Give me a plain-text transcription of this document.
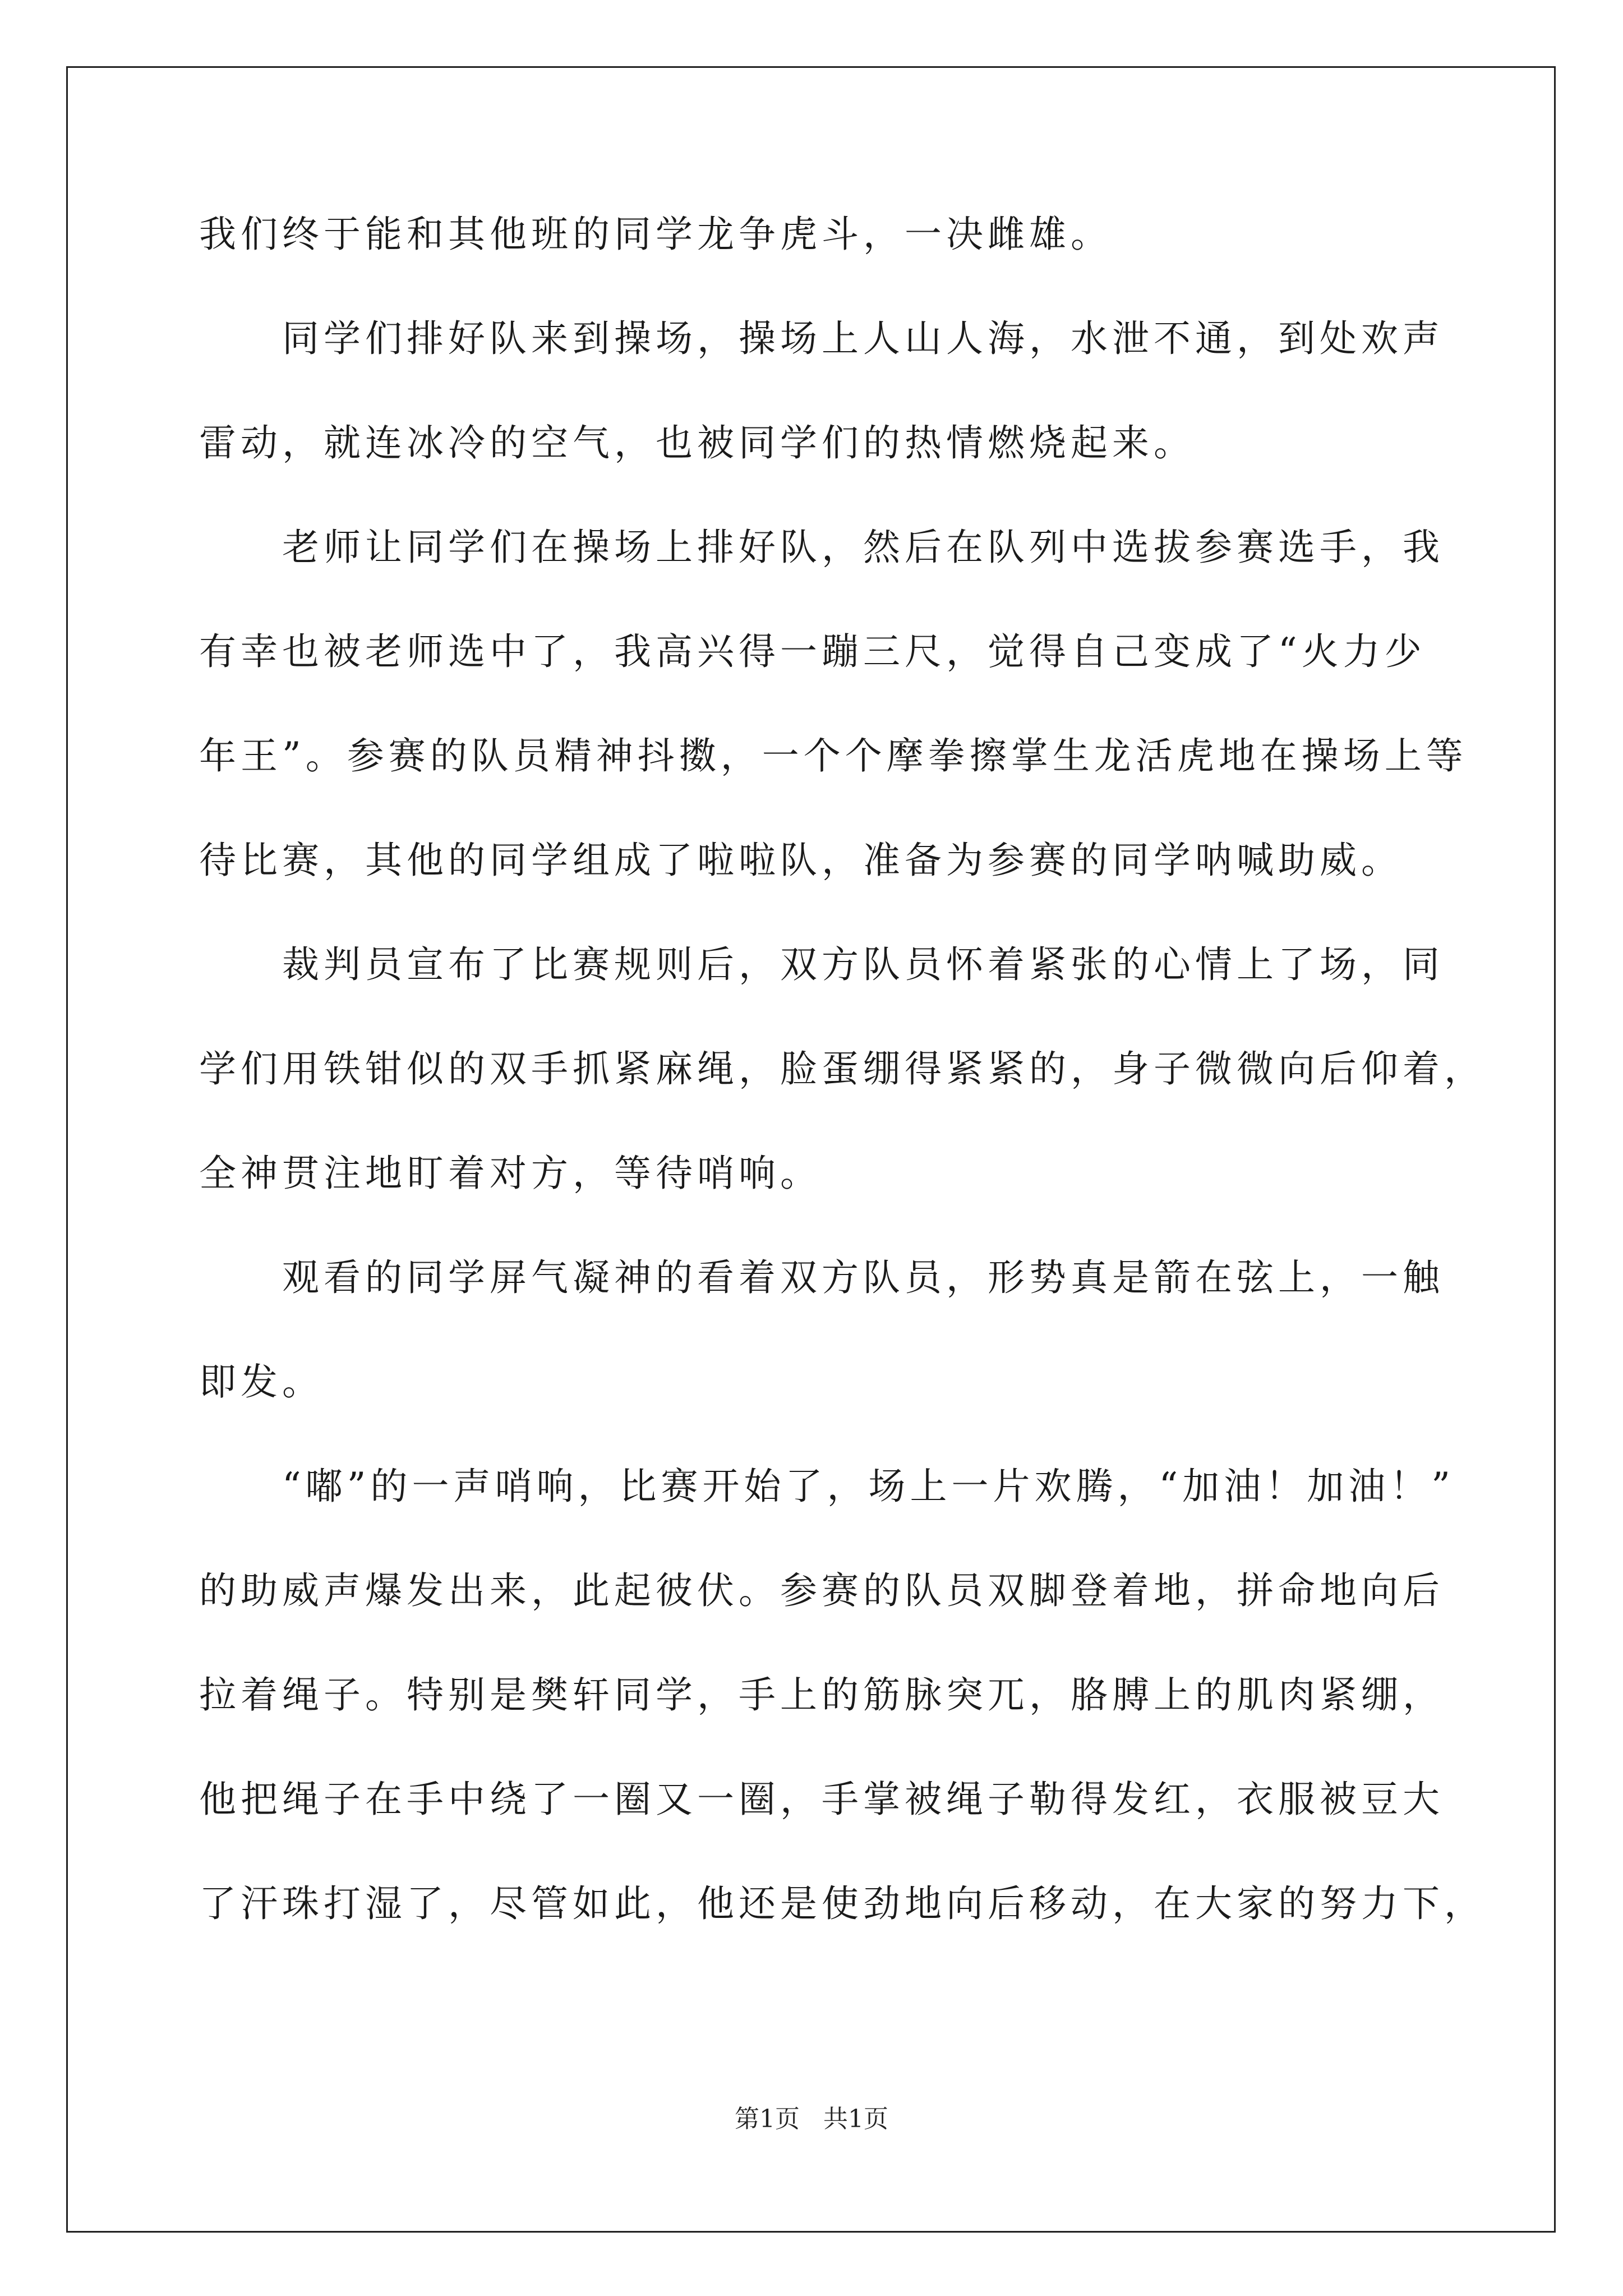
我们终于能和其他班的同学龙争虎斗，一决雌雄。
　　同学们排好队来到操场，操场上人山人海，水泄不通，到处欢声
雷动，就连冰冷的空气，也被同学们的热情燃烧起来。
　　老师让同学们在操场上排好队，然后在队列中选拔参赛选手，我
有幸也被老师选中了，我高兴得一蹦三尺，觉得自己变成了“火力少
年王”。参赛的队员精神抖擞，一个个摩拳擦掌生龙活虎地在操场上等
待比赛，其他的同学组成了啦啦队，准备为参赛的同学呐喊助威。
　　裁判员宣布了比赛规则后，双方队员怀着紧张的心情上了场，同
学们用铁钳似的双手抓紧麻绳，脸蛋绷得紧紧的，身子微微向后仰着，
全神贯注地盯着对方，等待哨响。
　　观看的同学屏气凝神的看着双方队员，形势真是箭在弦上，一触
即发。
　　“嘟”的一声哨响，比赛开始了，场上一片欢腾，“加油！加油！”
的助威声爆发出来，此起彼伏。参赛的队员双脚登着地，拼命地向后
拉着绳子。特别是樊轩同学，手上的筋脉突兀，胳膊上的肌肉紧绷，
他把绳子在手中绕了一圈又一圈，手掌被绳子勒得发红，衣服被豆大
了汗珠打湿了，尽管如此，他还是使劲地向后移动，在大家的努力下，
第1页 共1页
